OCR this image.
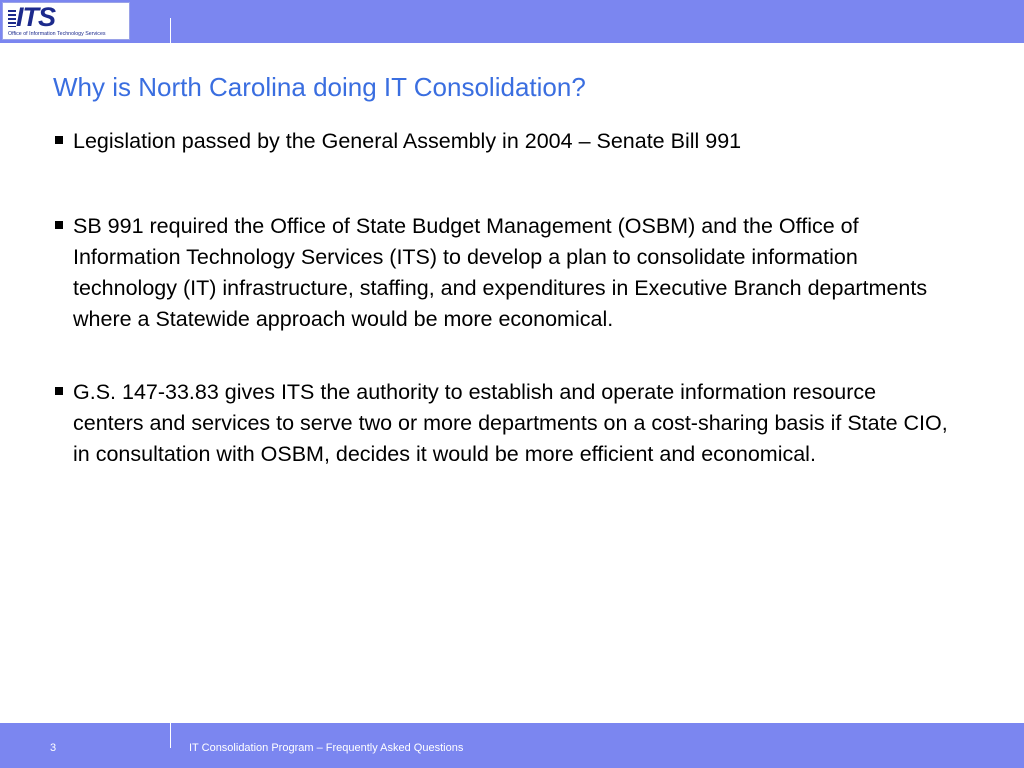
ITS
Office of Information Technology Services
Why is North Carolina doing IT Consolidation?
Legislation passed by the General Assembly in 2004 – Senate Bill 991
SB 991 required the Office of State Budget Management (OSBM) and the Office of Information Technology Services (ITS) to develop a plan to consolidate information technology (IT) infrastructure, staffing, and expenditures in Executive Branch departments where a Statewide approach would be more economical.
G.S. 147-33.83 gives ITS the authority to establish and operate information resource centers and services to serve two or more departments on a cost-sharing basis if State CIO, in consultation with OSBM, decides it would be more efficient and economical.
3	IT Consolidation Program – Frequently Asked Questions
